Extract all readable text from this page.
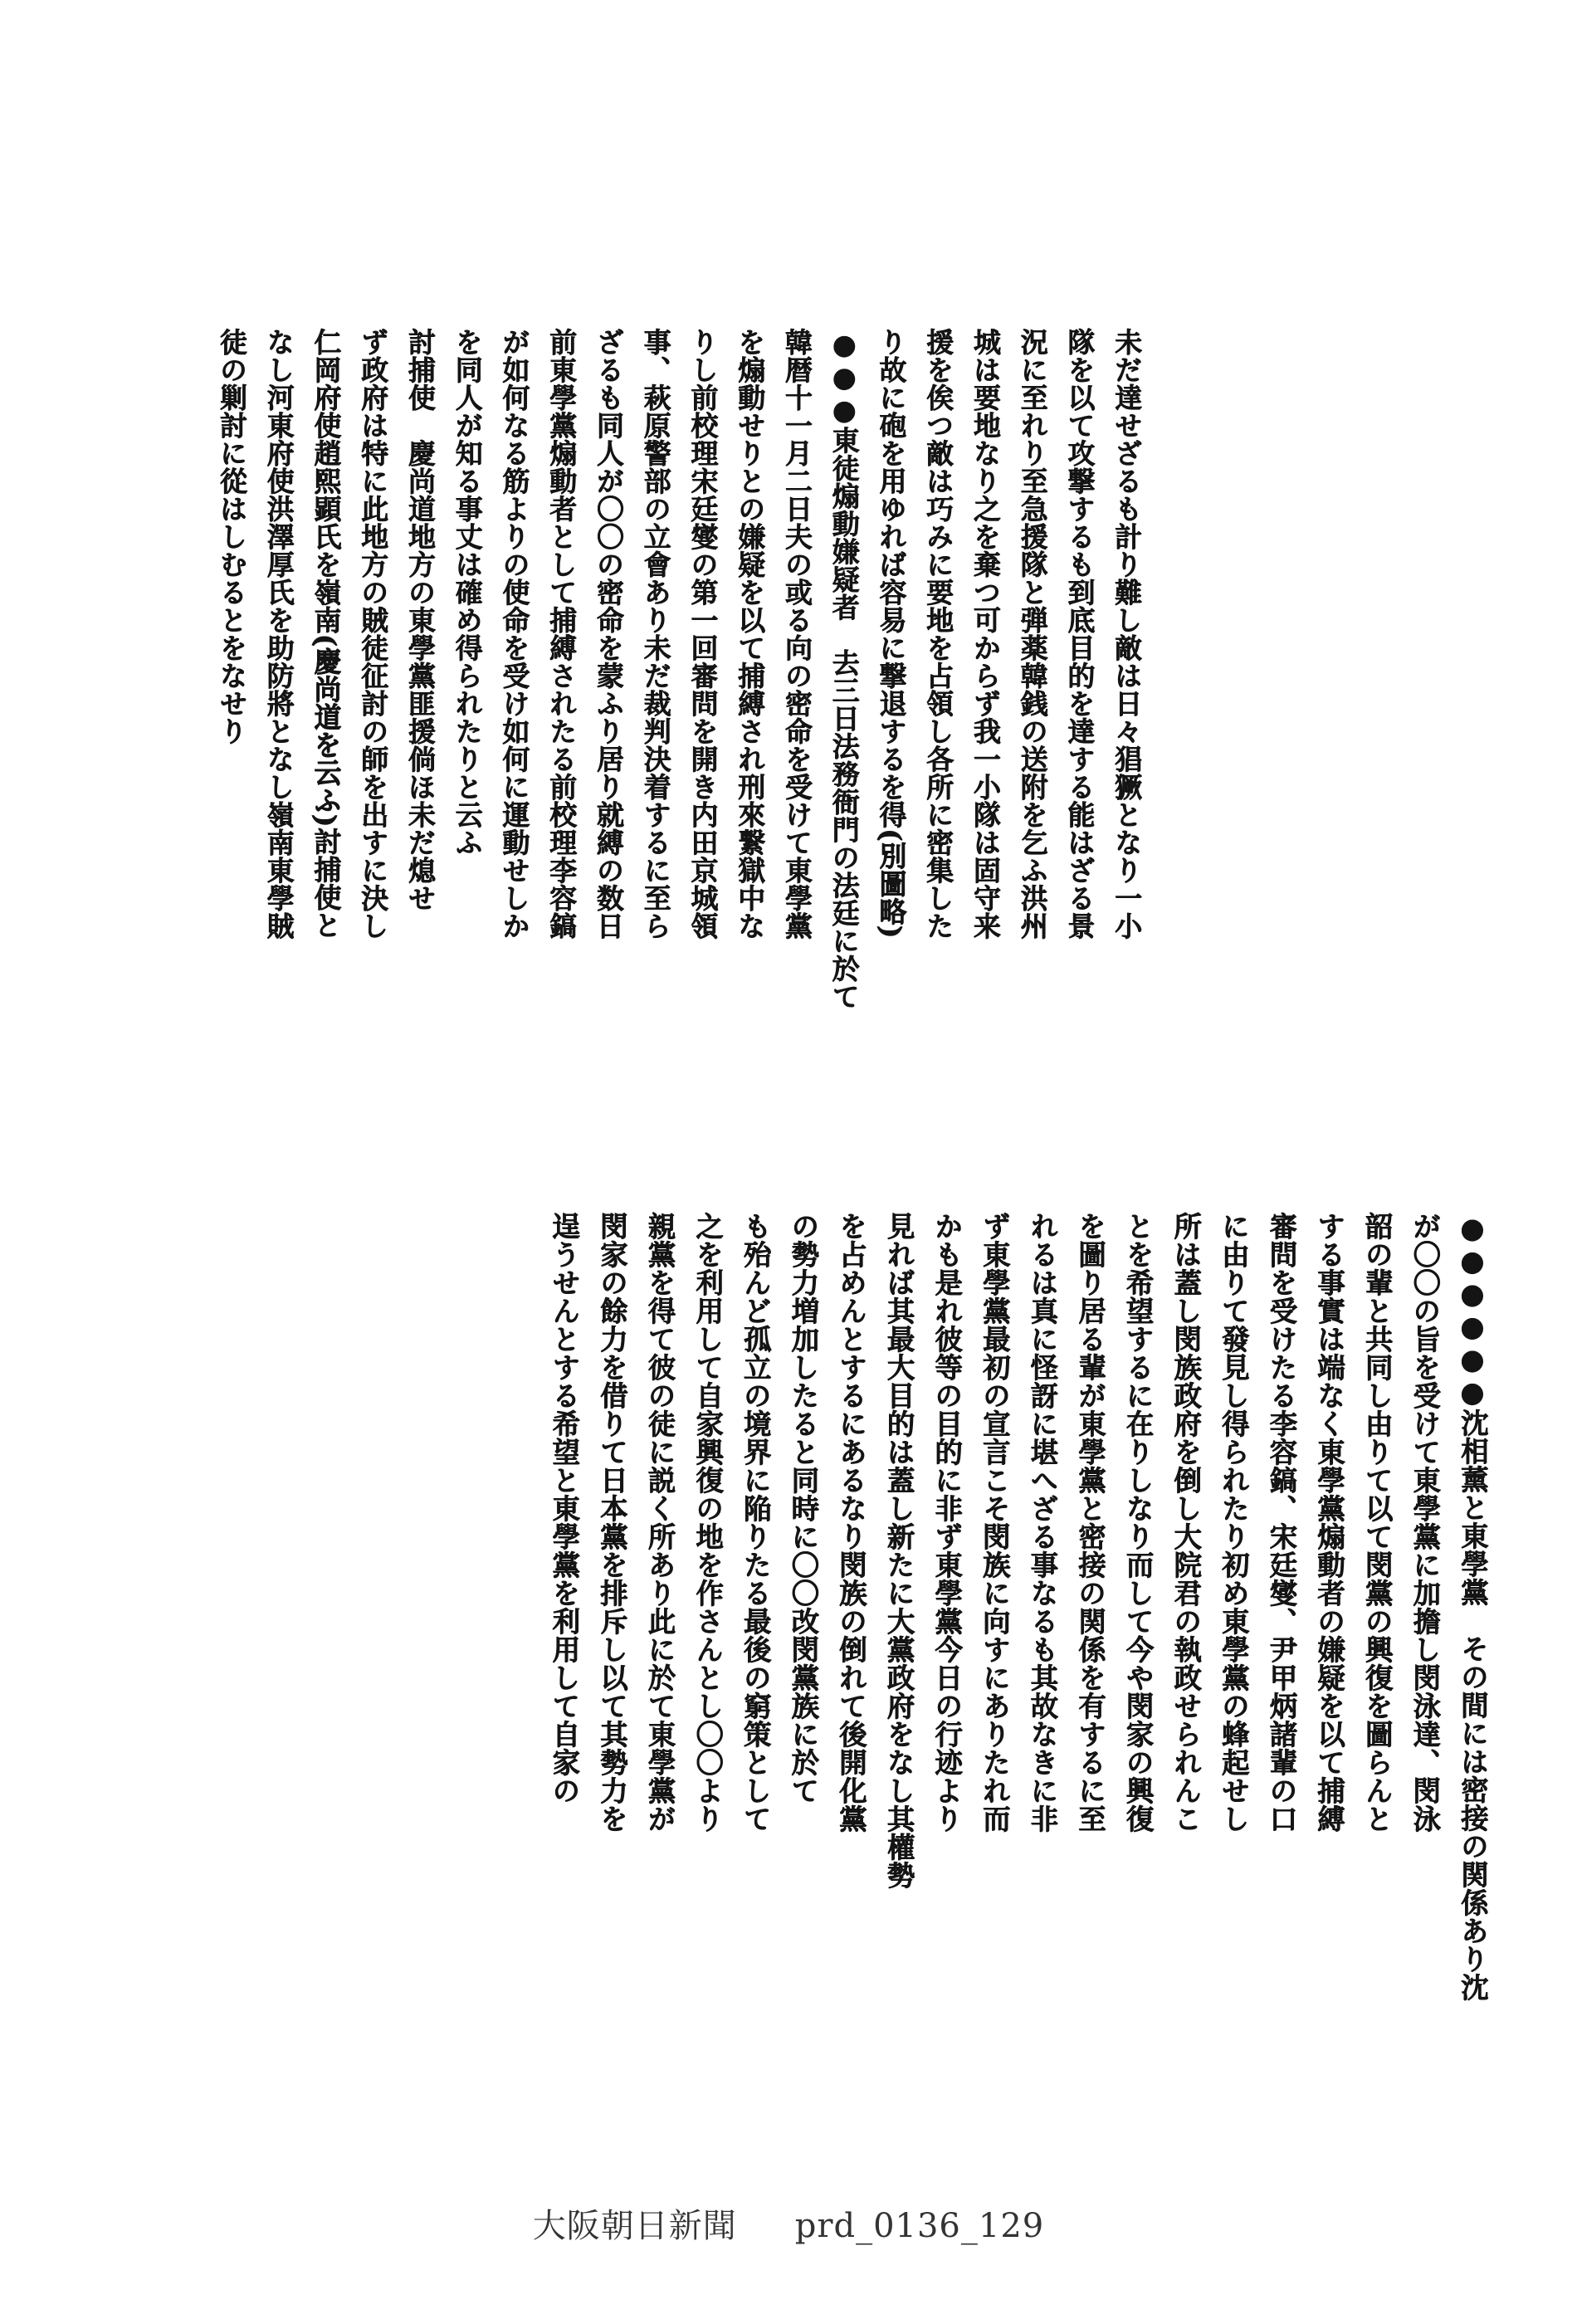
未だ達せざるも計り難し敵は日々猖獗となり一小
隊を以て攻撃するも到底目的を達する能はざる景
況に至れり至急援隊と弾薬韓銭の送附を乞ふ洪州
城は要地なり之を棄つ可からず我一小隊は固守来
援を俟つ敵は巧みに要地を占領し各所に密集した
り故に砲を用ゆれば容易に撃退するを得(別圖略)
●●●東徒煽動嫌疑者　去三日法務衙門の法廷に於て
韓暦十一月二日夫の或る向の密命を受けて東學黨
を煽動せりとの嫌疑を以て捕縛され刑來繋獄中な
りし前校理宋廷燮の第一回審問を開き内田京城領
事、萩原警部の立會あり未だ裁判決着するに至ら
ざるも同人が〇〇の密命を蒙ふり居り就縛の数日
前東學黨煽動者として捕縛されたる前校理李容鎬
が如何なる筋よりの使命を受け如何に運動せしか
を同人が知る事丈は確め得られたりと云ふ
討捕使　慶尚道地方の東學黨匪援倘ほ未だ熄せ
ず政府は特に此地方の賊徒征討の師を出すに決し
仁岡府使趙熙顕氏を嶺南(慶尚道を云ふ)討捕使と
なし河東府使洪澤厚氏を助防將となし嶺南東學賊
徒の剿討に從はしむるとをなせり
●●●●●●沈相薰と東學黨　その間には密接の関係あり沈
が〇〇の旨を受けて東學黨に加擔し閔泳達、閔泳
韶の輩と共同し由りて以て閔黨の興復を圖らんと
する事實は端なく東學黨煽動者の嫌疑を以て捕縛
審問を受けたる李容鎬、宋廷燮、尹甲炳諸輩の口
に由りて發見し得られたり初め東學黨の蜂起せし
所は蓋し閔族政府を倒し大院君の執政せられんこ
とを希望するに在りしなり而して今や閔家の興復
を圖り居る輩が東學黨と密接の関係を有するに至
れるは真に怪訝に堪へざる事なるも其故なきに非
ず東學黨最初の宣言こそ閔族に向すにありたれ而
かも是れ彼等の目的に非ず東學黨今日の行迹より
見れば其最大目的は蓋し新たに大黨政府をなし其權勢
を占めんとするにあるなり閔族の倒れて後開化黨
の勢力増加したると同時に〇〇改閔黨族に於て
も殆んど孤立の境界に陥りたる最後の窮策として
之を利用して自家興復の地を作さんとし〇〇より
親黨を得て彼の徒に説く所あり此に於て東學黨が
閔家の餘力を借りて日本黨を排斥し以て其勢力を
逞うせんとする希望と東學黨を利用して自家の
大阪朝日新聞 prd_0136_129
